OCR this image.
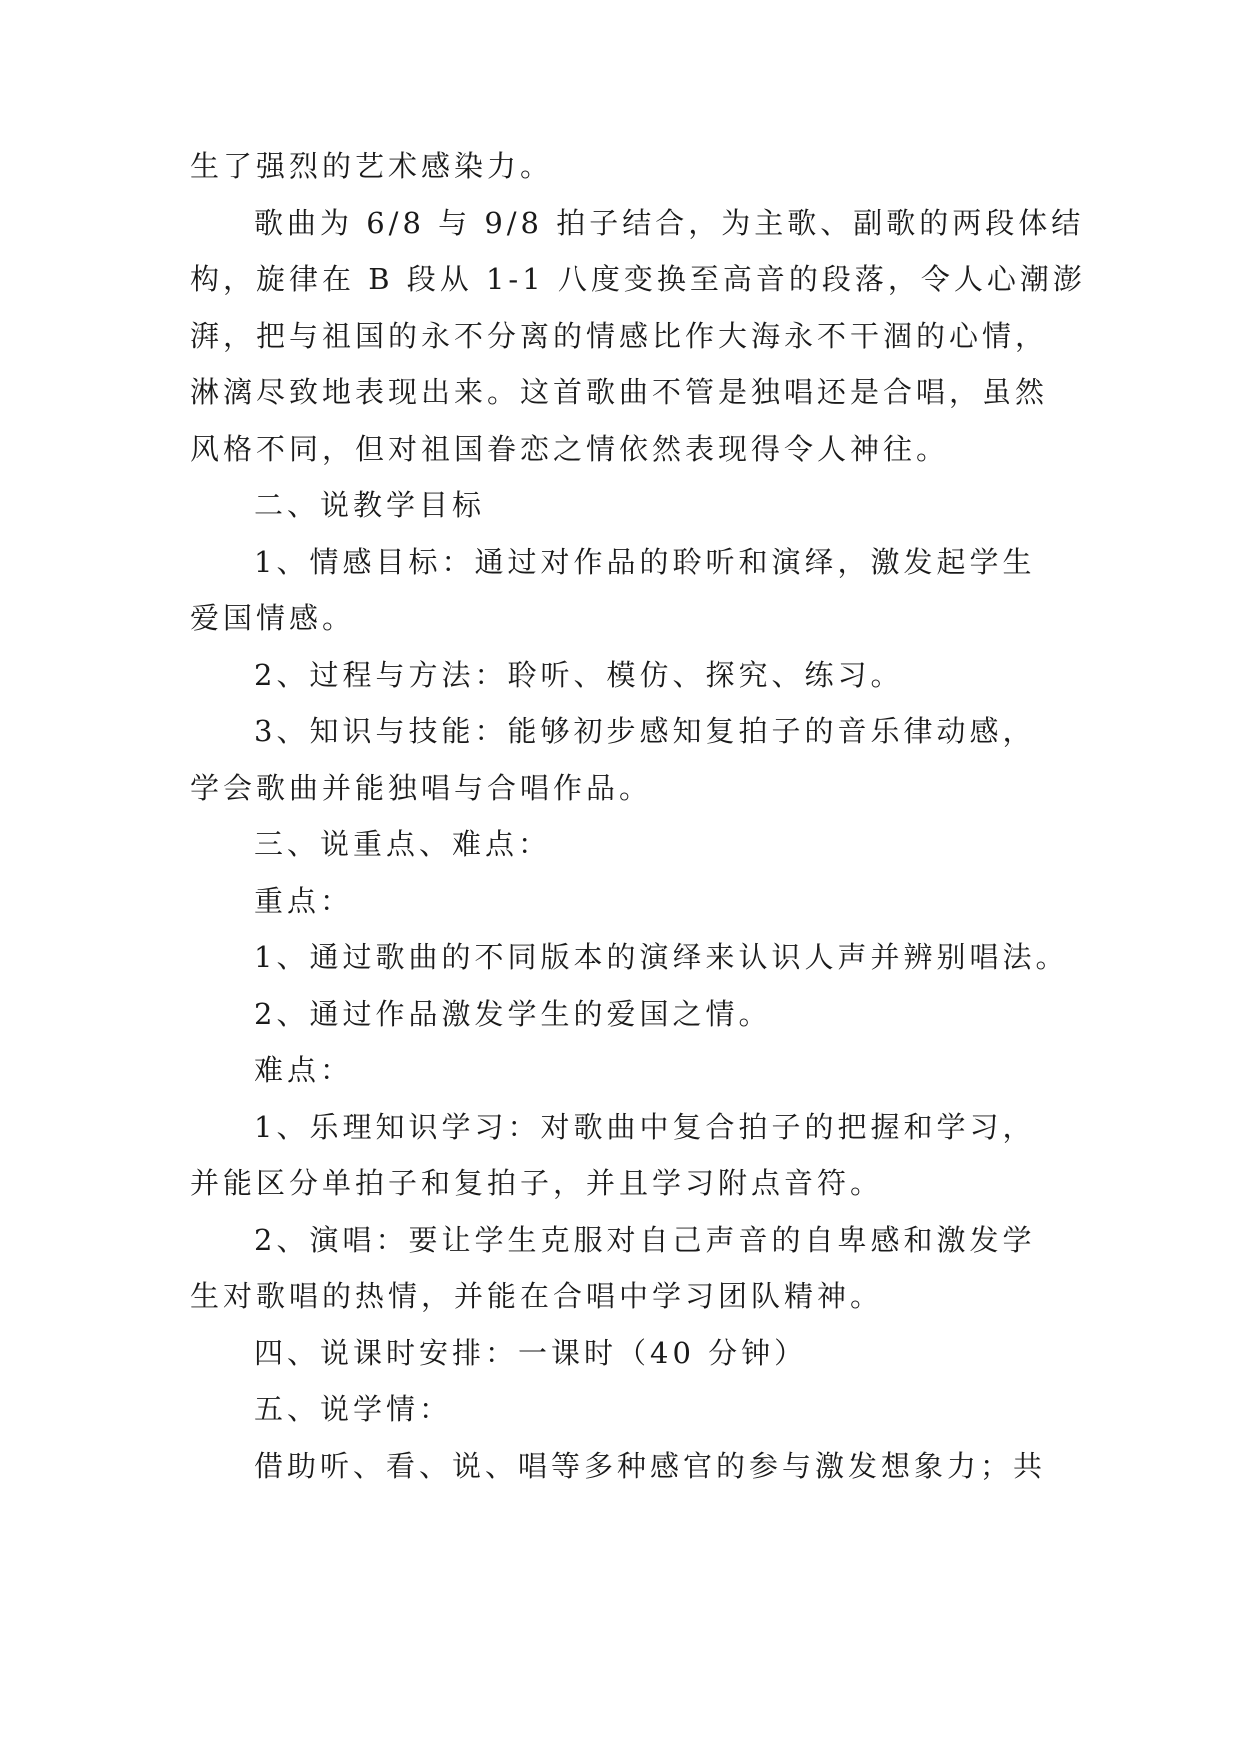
生了强烈的艺术感染力。
歌曲为 6/8 与 9/8 拍子结合，为主歌、副歌的两段体结
构，旋律在 B 段从 1-1 八度变换至高音的段落，令人心潮澎
湃，把与祖国的永不分离的情感比作大海永不干涸的心情，
淋漓尽致地表现出来。这首歌曲不管是独唱还是合唱，虽然
风格不同，但对祖国眷恋之情依然表现得令人神往。
二、说教学目标
1、情感目标：通过对作品的聆听和演绎，激发起学生
爱国情感。
2、过程与方法：聆听、模仿、探究、练习。
3、知识与技能：能够初步感知复拍子的音乐律动感，
学会歌曲并能独唱与合唱作品。
三、说重点、难点：
重点：
1、通过歌曲的不同版本的演绎来认识人声并辨别唱法。
2、通过作品激发学生的爱国之情。
难点：
1、乐理知识学习：对歌曲中复合拍子的把握和学习，
并能区分单拍子和复拍子，并且学习附点音符。
2、演唱：要让学生克服对自己声音的自卑感和激发学
生对歌唱的热情，并能在合唱中学习团队精神。
四、说课时安排：一课时（40 分钟）
五、说学情：
借助听、看、说、唱等多种感官的参与激发想象力；共
